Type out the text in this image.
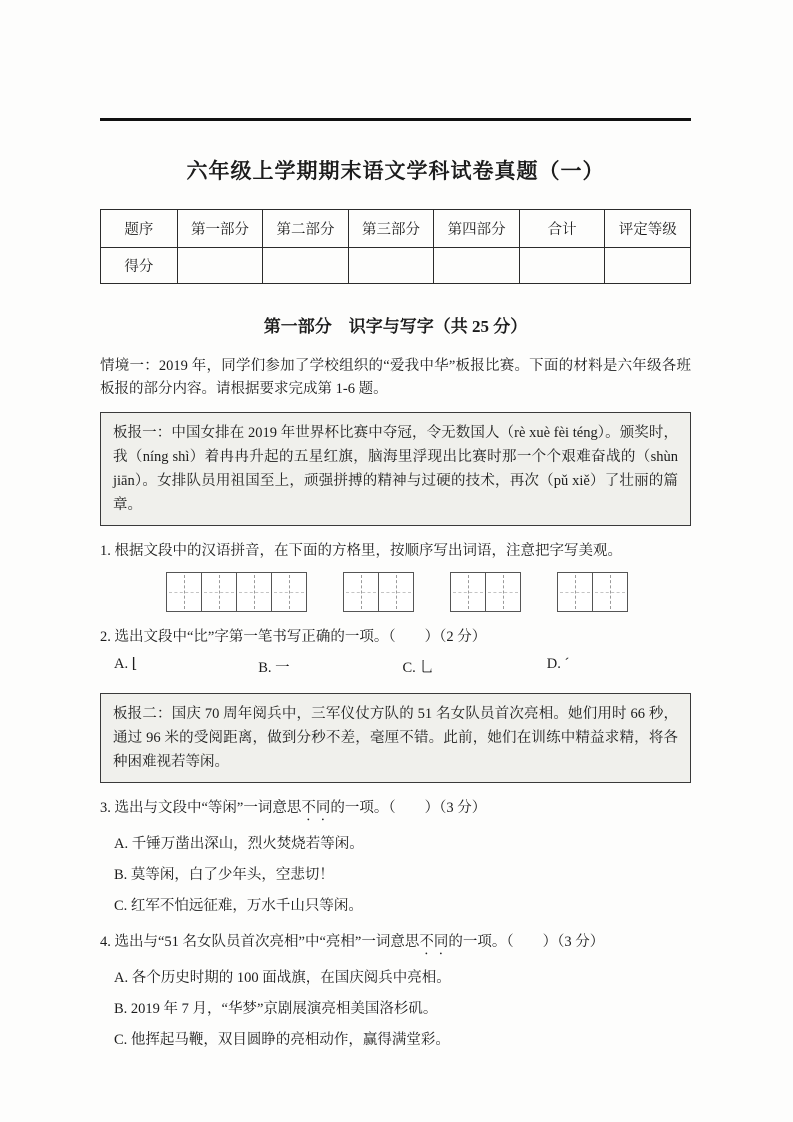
六年级上学期期末语文学科试卷真题（一）
题序	第一部分	第二部分	第三部分	第四部分	合计	评定等级
得分						
第一部分　识字与写字（共 25 分）

情境一：2019 年，同学们参加了学校组织的“爱我中华”板报比赛。下面的材料是六年级各班板报的部分内容。请根据要求完成第 1-6 题。

板报一：中国女排在 2019 年世界杯比赛中夺冠，令无数国人（rè xuè fèi téng）。颁奖时，我（níng shì）着冉冉升起的五星红旗，脑海里浮现出比赛时那一个个艰难奋战的（shùn jiān）。女排队员用祖国至上，顽强拼搏的精神与过硬的技术，再次（pǔ xiě）了壮丽的篇章。

1. 根据文段中的汉语拼音，在下面的方格里，按顺序写出词语，注意把字写美观。

2. 选出文段中“比”字第一笔书写正确的一项。（　　）（2 分）

A. ⌊	B. 一	C. 乚	D. ˊ
板报二：国庆 70 周年阅兵中，三军仪仗方队的 51 名女队员首次亮相。她们用时 66 秒，通过 96 米的受阅距离，做到分秒不差，毫厘不错。此前，她们在训练中精益求精，将各种困难视若等闲。

3. 选出与文段中“等闲”一词意思不同的一项。（　　）（3 分）

A. 千锤万凿出深山，烈火焚烧若等闲。

B. 莫等闲，白了少年头，空悲切！

C. 红军不怕远征难，万水千山只等闲。

4. 选出与“51 名女队员首次亮相”中“亮相”一词意思不同的一项。（　　）（3 分）

A. 各个历史时期的 100 面战旗，在国庆阅兵中亮相。

B. 2019 年 7 月，“华梦”京剧展演亮相美国洛杉矶。

C. 他挥起马鞭，双目圆睁的亮相动作，赢得满堂彩。
